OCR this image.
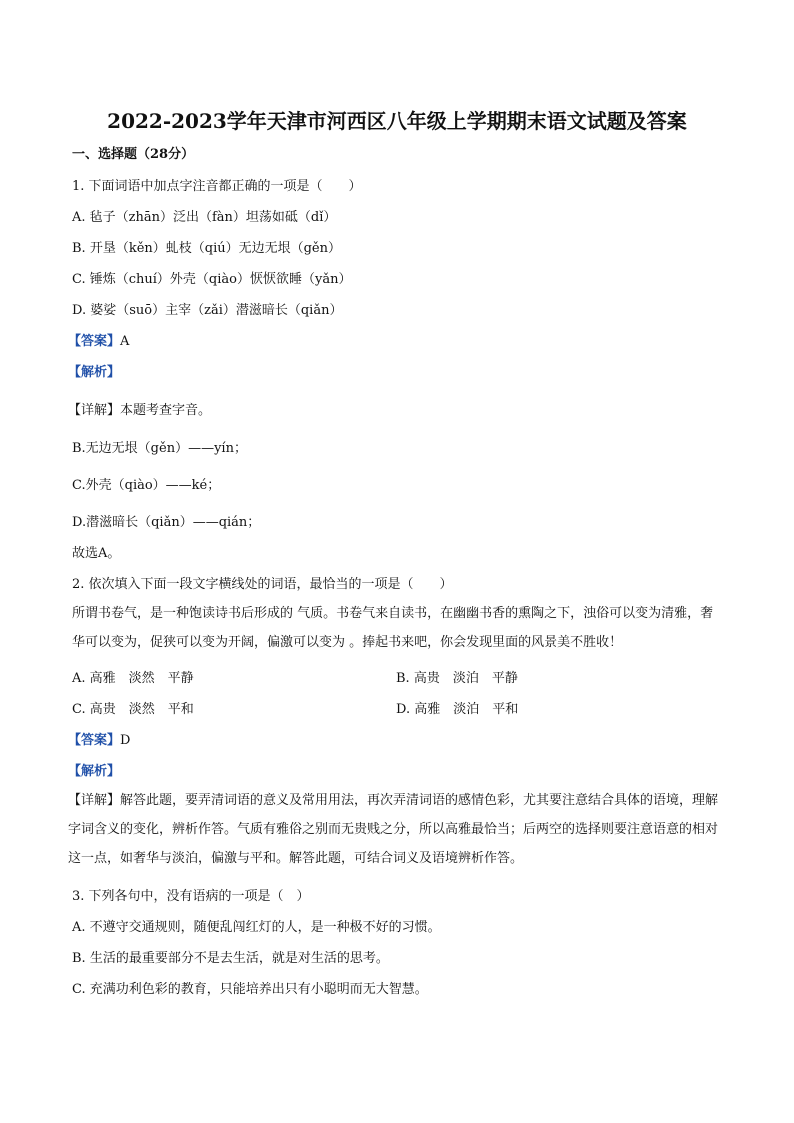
2022-2023学年天津市河西区八年级上学期期末语文试题及答案
一、选择题（28分）
1. 下面词语中加点字注音都正确的一项是（　　）
A. 毡子（zhān）泛出（fàn）坦荡如砥（dǐ）
B. 开垦（kěn）虬枝（qiú）无边无垠（gěn）
C. 锤炼（chuí）外壳（qiào）恹恹欲睡（yǎn）
D. 婆娑（suō）主宰（zǎi）潜滋暗长（qiǎn）
【答案】A
【解析】
【详解】本题考查字音。
B.无边无垠（gěn）——yín；
C.外壳（qiào）——ké；
D.潜滋暗长（qiǎn）——qián；
故选A。
2. 依次填入下面一段文字横线处的词语，最恰当的一项是（　　）
所谓书卷气，是一种饱读诗书后形成的 气质。书卷气来自读书，在幽幽书香的熏陶之下，浊俗可以变为清雅，奢华可以变为，促狭可以变为开阔，偏激可以变为 。捧起书来吧，你会发现里面的风景美不胜收！
A. 高雅　淡然　平静	B. 高贵　淡泊　平静
C. 高贵　淡然　平和	D. 高雅　淡泊　平和
【答案】D
【解析】
【详解】解答此题，要弄清词语的意义及常用用法，再次弄清词语的感情色彩，尤其要注意结合具体的语境，理解字词含义的变化，辨析作答。气质有雅俗之别而无贵贱之分，所以高雅最恰当；后两空的选择则要注意语意的相对这一点，如奢华与淡泊，偏激与平和。解答此题，可结合词义及语境辨析作答。
3. 下列各句中，没有语病的一项是（　）
A. 不遵守交通规则，随便乱闯红灯的人，是一种极不好的习惯。
B. 生活的最重要部分不是去生活，就是对生活的思考。
C. 充满功利色彩的教育，只能培养出只有小聪明而无大智慧。
